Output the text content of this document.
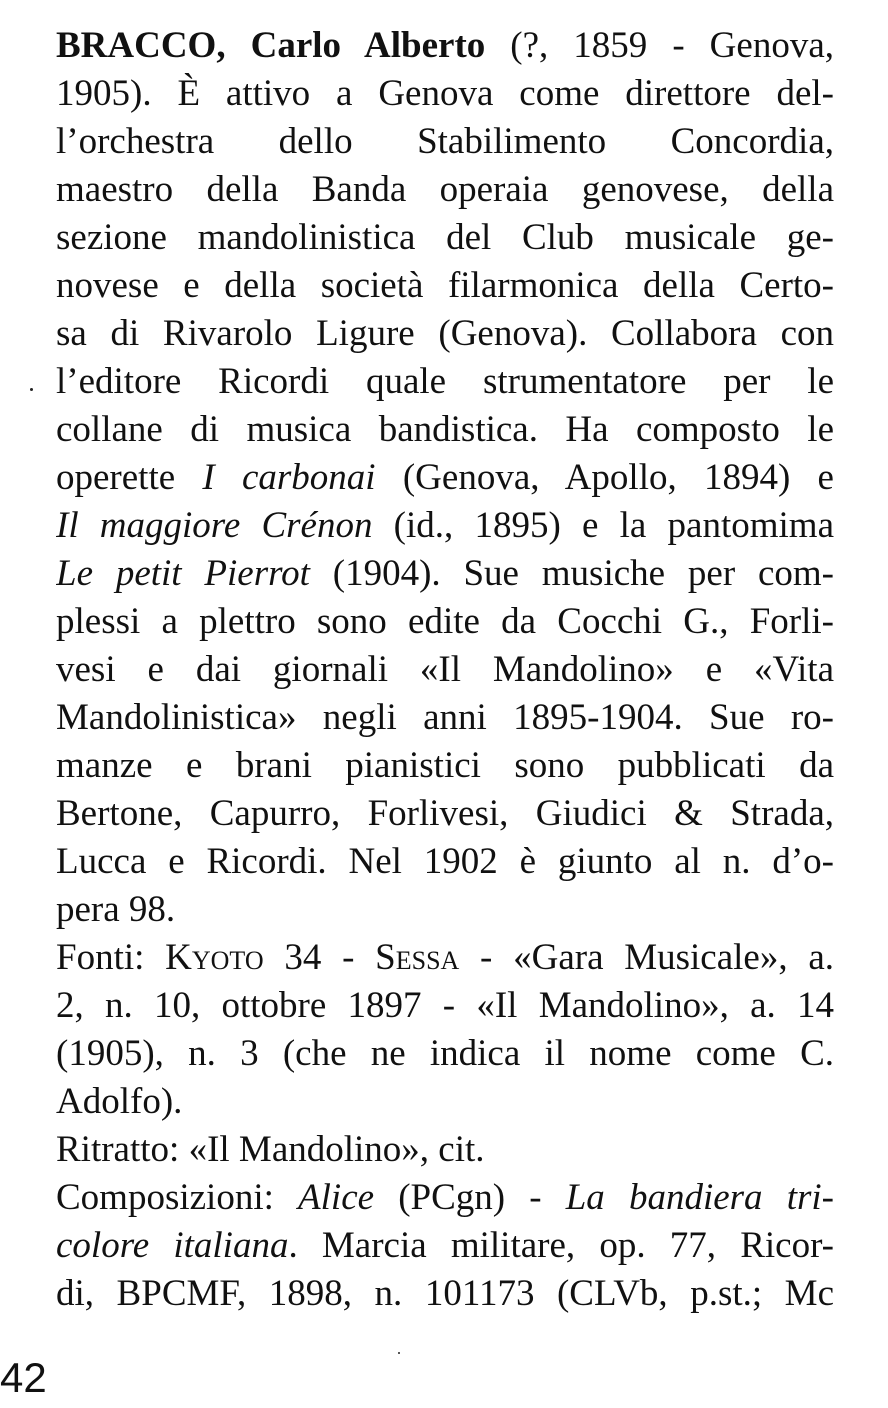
BRACCO, Carlo Alberto (?, 1859 - Genova,
1905). È attivo a Genova come direttore del-
l’orchestra dello Stabilimento Concordia,
maestro della Banda operaia genovese, della
sezione mandolinistica del Club musicale ge-
novese e della società filarmonica della Certo-
sa di Rivarolo Ligure (Genova). Collabora con
l’editore Ricordi quale strumentatore per le
collane di musica bandistica. Ha composto le
operette I carbonai (Genova, Apollo, 1894) e
Il maggiore Crénon (id., 1895) e la pantomima
Le petit Pierrot (1904). Sue musiche per com-
plessi a plettro sono edite da Cocchi G., Forli-
vesi e dai giornali «Il Mandolino» e «Vita
Mandolinistica» negli anni 1895-1904. Sue ro-
manze e brani pianistici sono pubblicati da
Bertone, Capurro, Forlivesi, Giudici & Strada,
Lucca e Ricordi. Nel 1902 è giunto al n. d’o-
pera 98.
Fonti: Kyoto 34 - Sessa - «Gara Musicale», a.
2, n. 10, ottobre 1897 - «Il Mandolino», a. 14
(1905), n. 3 (che ne indica il nome come C.
Adolfo).
Ritratto: «Il Mandolino», cit.
Composizioni: Alice (PCgn) - La bandiera tri-
colore italiana. Marcia militare, op. 77, Ricor-
di, BPCMF, 1898, n. 101173 (CLVb, p.st.; Mc
42
